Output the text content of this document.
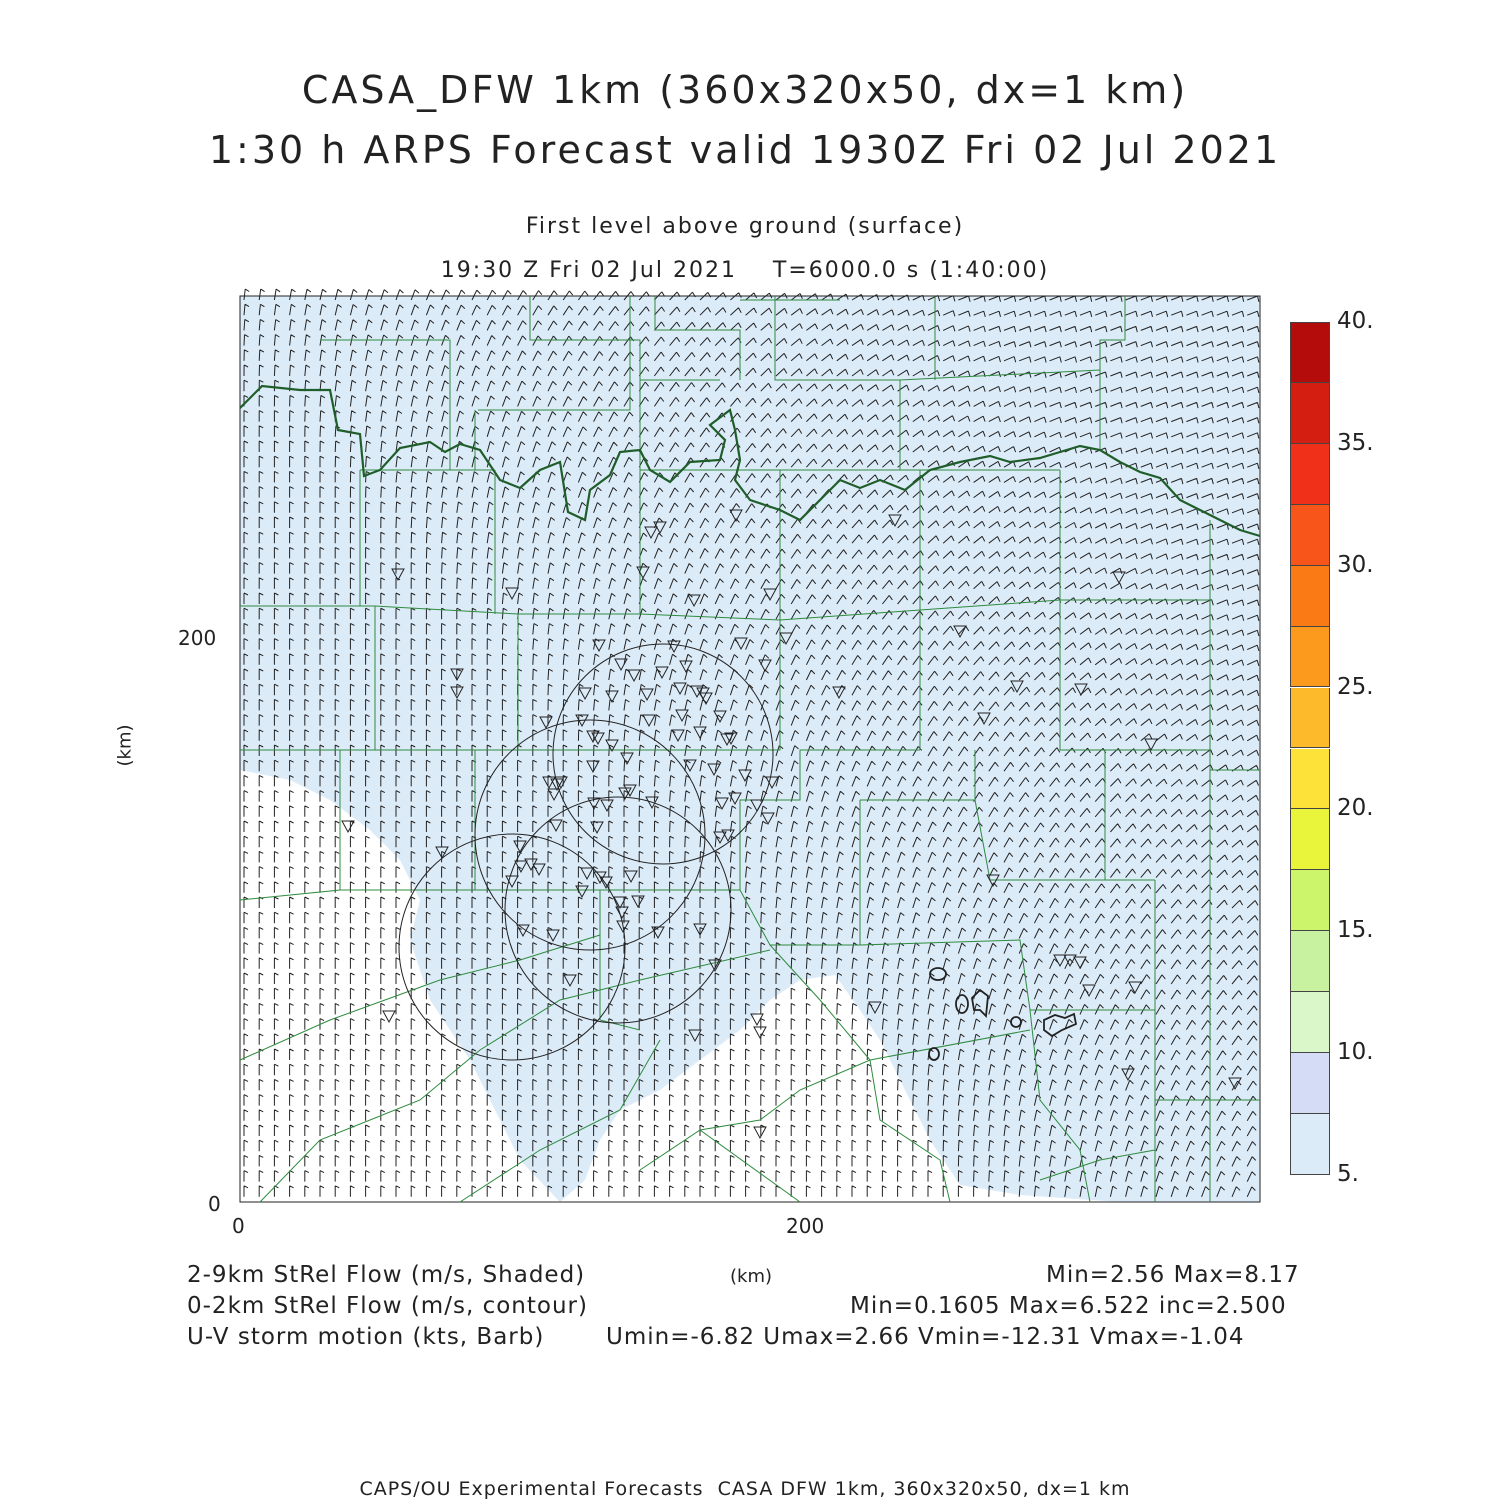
CASA_DFW 1km (360x320x50, dx=1 km)
1:30 h ARPS Forecast valid 1930Z Fri 02 Jul 2021
First level above ground (surface)
19:30 Z Fri 02 Jul 2021    T=6000.0 s (1:40:00)
200
0
0	200
(km)
(km)
2-9km StRel Flow (m/s, Shaded)	Min=2.56 Max=8.17
0-2km StRel Flow (m/s, contour)	Min=0.1605 Max=6.522 inc=2.500
U-V storm motion (kts, Barb)	Umin=-6.82 Umax=2.66 Vmin=-12.31 Vmax=-1.04
5.
10.
15.
20.
25.
30.
35.
40.
CAPS/OU Experimental Forecasts  CASA DFW 1km, 360x320x50, dx=1 km
